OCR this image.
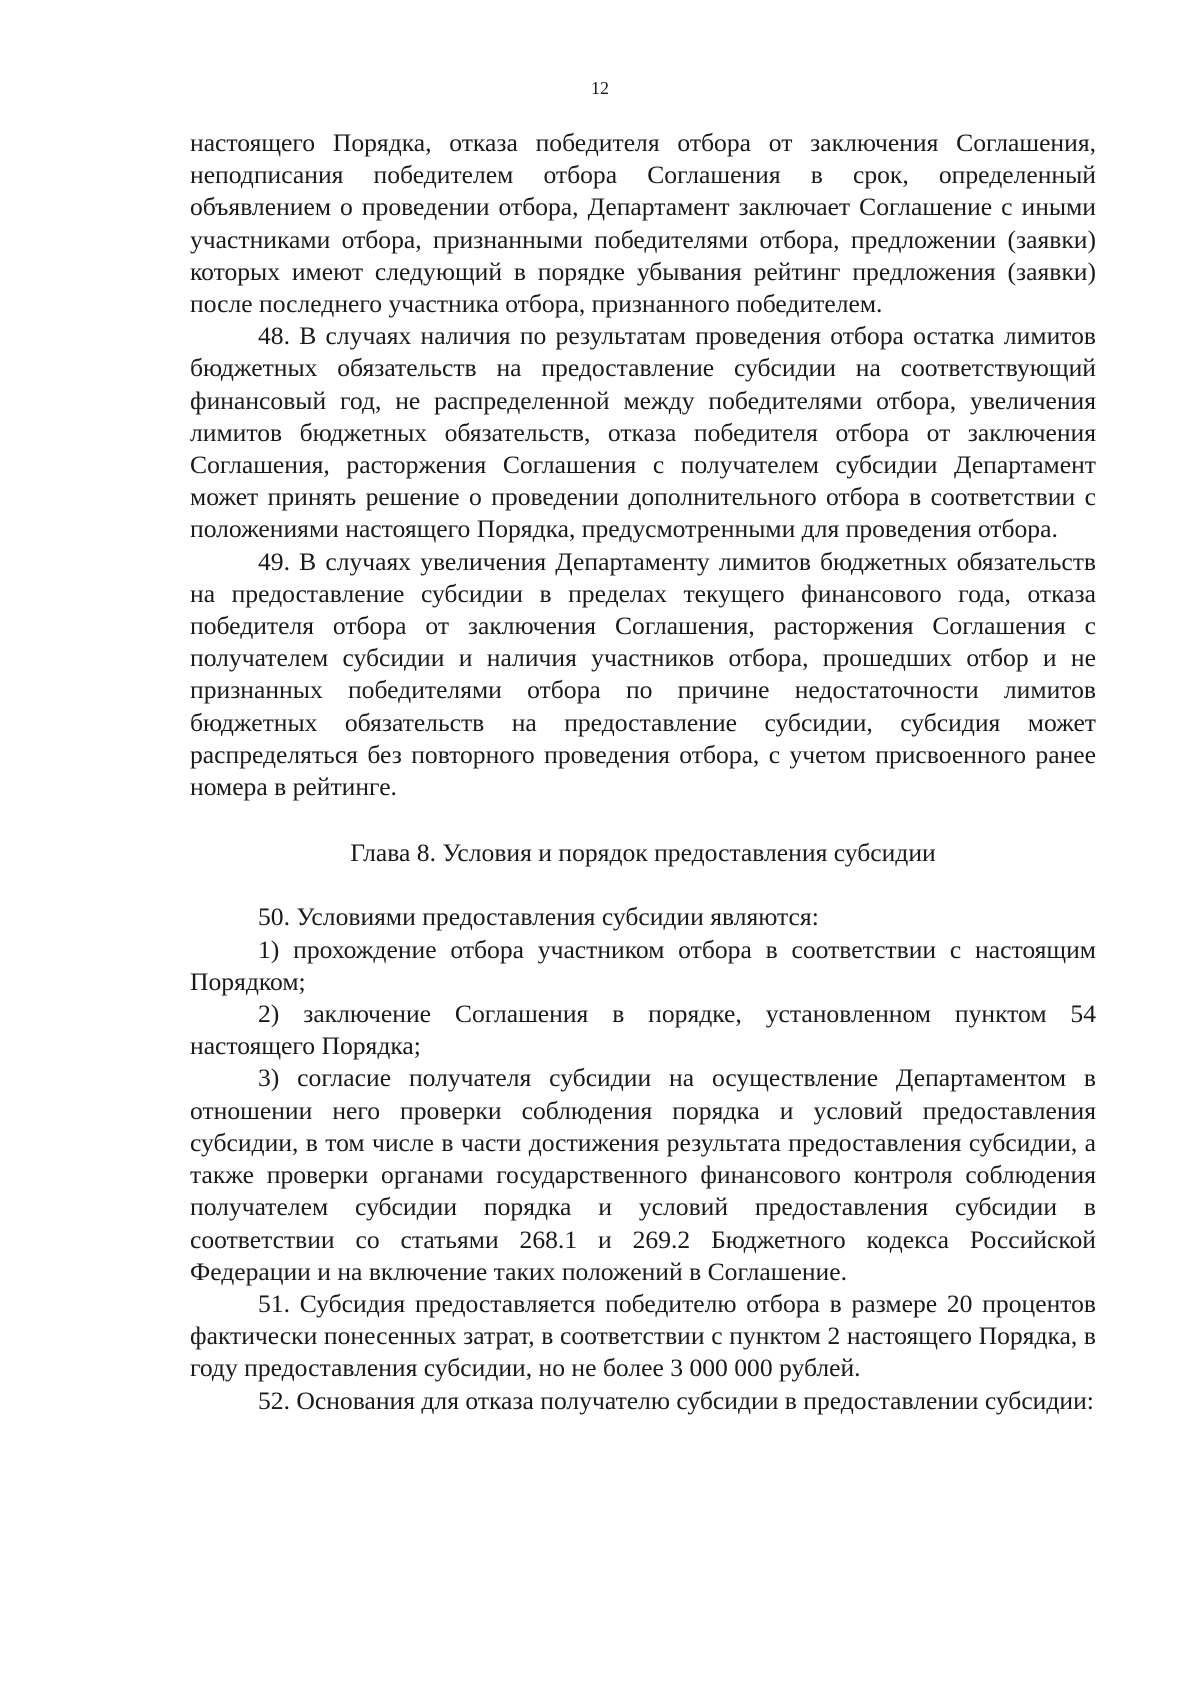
12

настоящего Порядка, отказа победителя отбора от заключения Соглашения, неподписания победителем отбора Соглашения в срок, определенный объявлением о проведении отбора, Департамент заключает Соглашение с иными участниками отбора, признанными победителями отбора, предложении (заявки) которых имеют следующий в порядке убывания рейтинг предложения (заявки) после последнего участника отбора, признанного победителем.

48. В случаях наличия по результатам проведения отбора остатка лимитов бюджетных обязательств на предоставление субсидии на соответствующий финансовый год, не распределенной между победителями отбора, увеличения лимитов бюджетных обязательств, отказа победителя отбора от заключения Соглашения, расторжения Соглашения с получателем субсидии Департамент может принять решение о проведении дополнительного отбора в соответствии с положениями настоящего Порядка, предусмотренными для проведения отбора.

49. В случаях увеличения Департаменту лимитов бюджетных обязательств на предоставление субсидии в пределах текущего финансового года, отказа победителя отбора от заключения Соглашения, расторжения Соглашения с получателем субсидии и наличия участников отбора, прошедших отбор и не признанных победителями отбора по причине недостаточности лимитов бюджетных обязательств на предоставление субсидии, субсидия может распределяться без повторного проведения отбора, с учетом присвоенного ранее номера в рейтинге.

Глава 8. Условия и порядок предоставления субсидии

50. Условиями предоставления субсидии являются:

1) прохождение отбора участником отбора в соответствии с настоящим Порядком;

2) заключение Соглашения в порядке, установленном пунктом 54 настоящего Порядка;

3) согласие получателя субсидии на осуществление Департаментом в отношении него проверки соблюдения порядка и условий предоставления субсидии, в том числе в части достижения результата предоставления субсидии, а также проверки органами государственного финансового контроля соблюдения получателем субсидии порядка и условий предоставления субсидии в соответствии со статьями 268.1 и 269.2 Бюджетного кодекса Российской Федерации и на включение таких положений в Соглашение.

51. Субсидия предоставляется победителю отбора в размере 20 процентов фактически понесенных затрат, в соответствии с пунктом 2 настоящего Порядка, в году предоставления субсидии, но не более 3 000 000 рублей.

52. Основания для отказа получателю субсидии в предоставлении субсидии:
